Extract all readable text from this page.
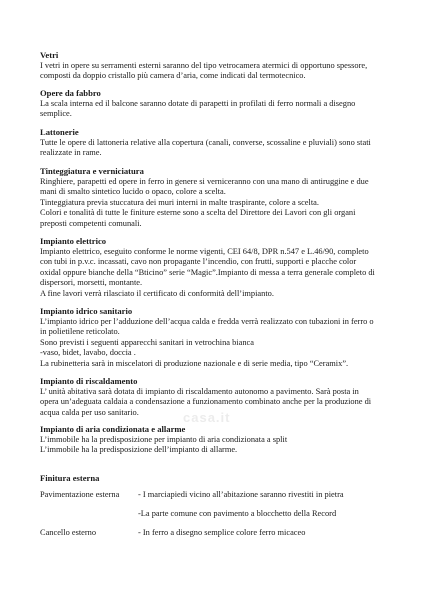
Vetri

I vetri in opere su serramenti esterni saranno del tipo vetrocamera atermici di opportuno spessore,
composti da doppio cristallo più camera d’aria, come indicati dal termotecnico.

Opere da fabbro

La scala interna ed il balcone saranno dotate di parapetti in profilati di ferro normali a disegno
semplice.

Lattonerie

Tutte le opere di lattoneria relative alla copertura (canali, converse, scossaline e pluviali) sono stati
realizzate in rame.

Tinteggiatura e verniciatura

Ringhiere, parapetti ed opere in ferro in genere si verniceranno con una mano di antiruggine e due
mani di smalto sintetico lucido o opaco, colore a scelta.
Tinteggiatura previa stuccatura dei muri interni in malte traspirante, colore a scelta.
Colori e tonalità di tutte le finiture esterne sono a scelta del Direttore dei Lavori con gli organi
preposti competenti comunali.

Impianto elettrico

Impianto elettrico, eseguito conforme le norme vigenti, CEI 64/8, DPR n.547 e L.46/90, completo
con tubi in p.v.c. incassati, cavo non propagante l’incendio, con frutti, supporti e placche color
oxidal oppure bianche della “Bticino” serie “Magic”.Impianto di messa a terra generale completo di
dispersori, morsetti, montante.
A fine lavori verrà rilasciato il certificato di conformità dell’impianto.

Impianto idrico sanitario

L’impianto idrico per l’adduzione dell’acqua calda e fredda verrà realizzato con tubazioni in ferro o
in polietilene reticolato.
Sono previsti i seguenti apparecchi sanitari in vetrochina bianca
-vaso, bidet, lavabo, doccia .
La rubinetteria sarà in miscelatori di produzione nazionale e di serie media, tipo “Ceramix”.

Impianto di riscaldamento

L’ unità abitativa sarà dotata di impianto di riscaldamento autonomo a pavimento. Sarà posta in
opera un’adeguata caldaia a condensazione a funzionamento combinato anche per la produzione di
acqua calda per uso sanitario.

Impianto di aria condizionata e allarme

L’immobile ha la predisposizione per impianto di aria condizionata a split
L’immobile ha la predisposizione dell’impianto di allarme.

casa.it

Finitura esterna

Pavimentazione esterna - I marciapiedi vicino all’abitazione saranno rivestiti in pietra
-La parte comune con pavimento a blocchetto della Record
Cancello esterno	- In ferro a disegno semplice colore ferro micaceo
